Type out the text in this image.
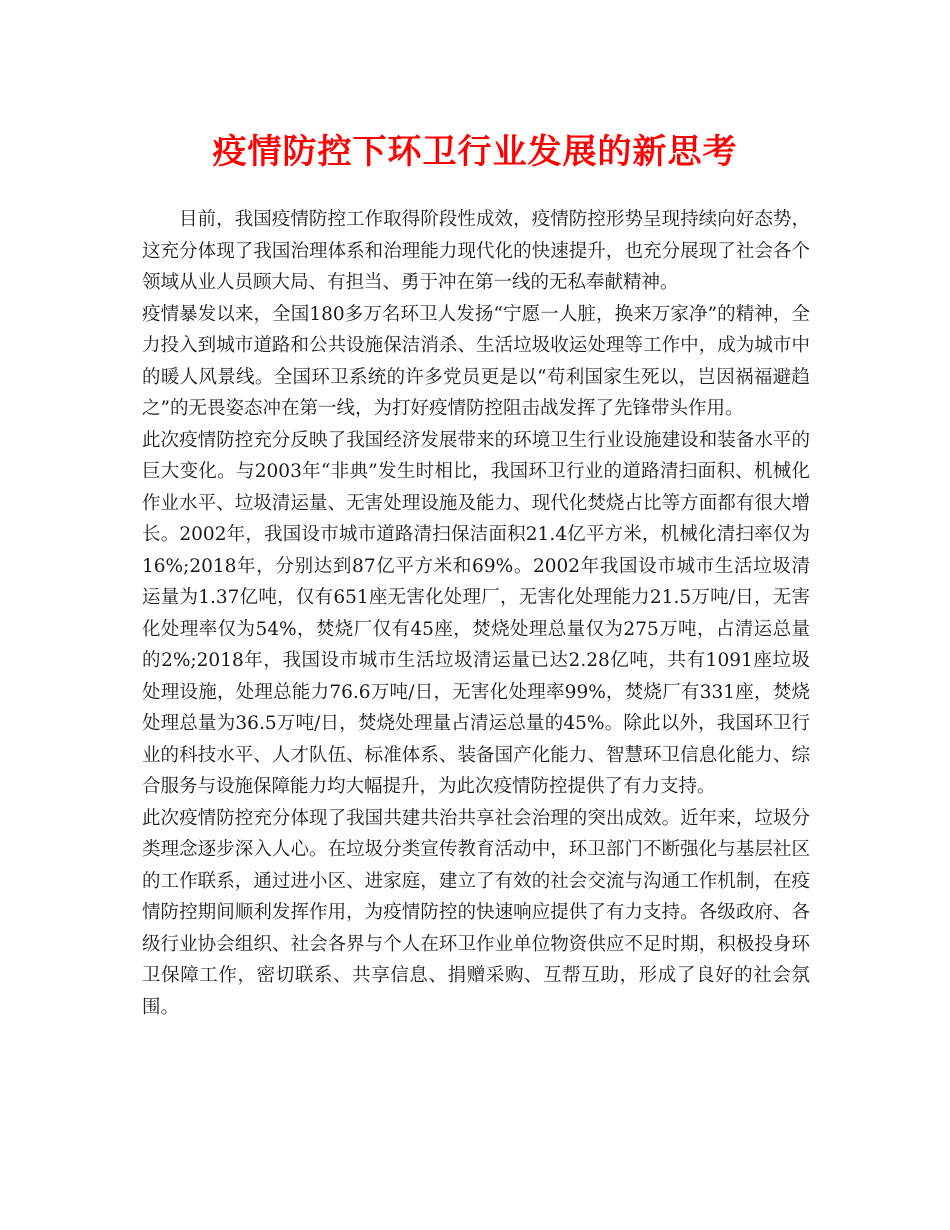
疫情防控下环卫行业发展的新思考

目前，我国疫情防控工作取得阶段性成效，疫情防控形势呈现持续向好态势，这充分体现了我国治理体系和治理能力现代化的快速提升，也充分展现了社会各个领域从业人员顾大局、有担当、勇于冲在第一线的无私奉献精神。

疫情暴发以来，全国180多万名环卫人发扬“宁愿一人脏，换来万家净”的精神，全力投入到城市道路和公共设施保洁消杀、生活垃圾收运处理等工作中，成为城市中的暖人风景线。全国环卫系统的许多党员更是以“苟利国家生死以，岂因祸福避趋之”的无畏姿态冲在第一线，为打好疫情防控阻击战发挥了先锋带头作用。

此次疫情防控充分反映了我国经济发展带来的环境卫生行业设施建设和装备水平的巨大变化。与2003年“非典”发生时相比，我国环卫行业的道路清扫面积、机械化作业水平、垃圾清运量、无害处理设施及能力、现代化焚烧占比等方面都有很大增长。2002年，我国设市城市道路清扫保洁面积21.4亿平方米，机械化清扫率仅为16%;2018年，分别达到87亿平方米和69%。2002年我国设市城市生活垃圾清运量为1.37亿吨，仅有651座无害化处理厂，无害化处理能力21.5万吨/日，无害化处理率仅为54%，焚烧厂仅有45座，焚烧处理总量仅为275万吨，占清运总量的2%;2018年，我国设市城市生活垃圾清运量已达2.28亿吨，共有1091座垃圾处理设施，处理总能力76.6万吨/日，无害化处理率99%，焚烧厂有331座，焚烧处理总量为36.5万吨/日，焚烧处理量占清运总量的45%。除此以外，我国环卫行业的科技水平、人才队伍、标准体系、装备国产化能力、智慧环卫信息化能力、综合服务与设施保障能力均大幅提升，为此次疫情防控提供了有力支持。

此次疫情防控充分体现了我国共建共治共享社会治理的突出成效。近年来，垃圾分类理念逐步深入人心。在垃圾分类宣传教育活动中，环卫部门不断强化与基层社区的工作联系，通过进小区、进家庭，建立了有效的社会交流与沟通工作机制，在疫情防控期间顺利发挥作用，为疫情防控的快速响应提供了有力支持。各级政府、各级行业协会组织、社会各界与个人在环卫作业单位物资供应不足时期，积极投身环卫保障工作，密切联系、共享信息、捐赠采购、互帮互助，形成了良好的社会氛围。
